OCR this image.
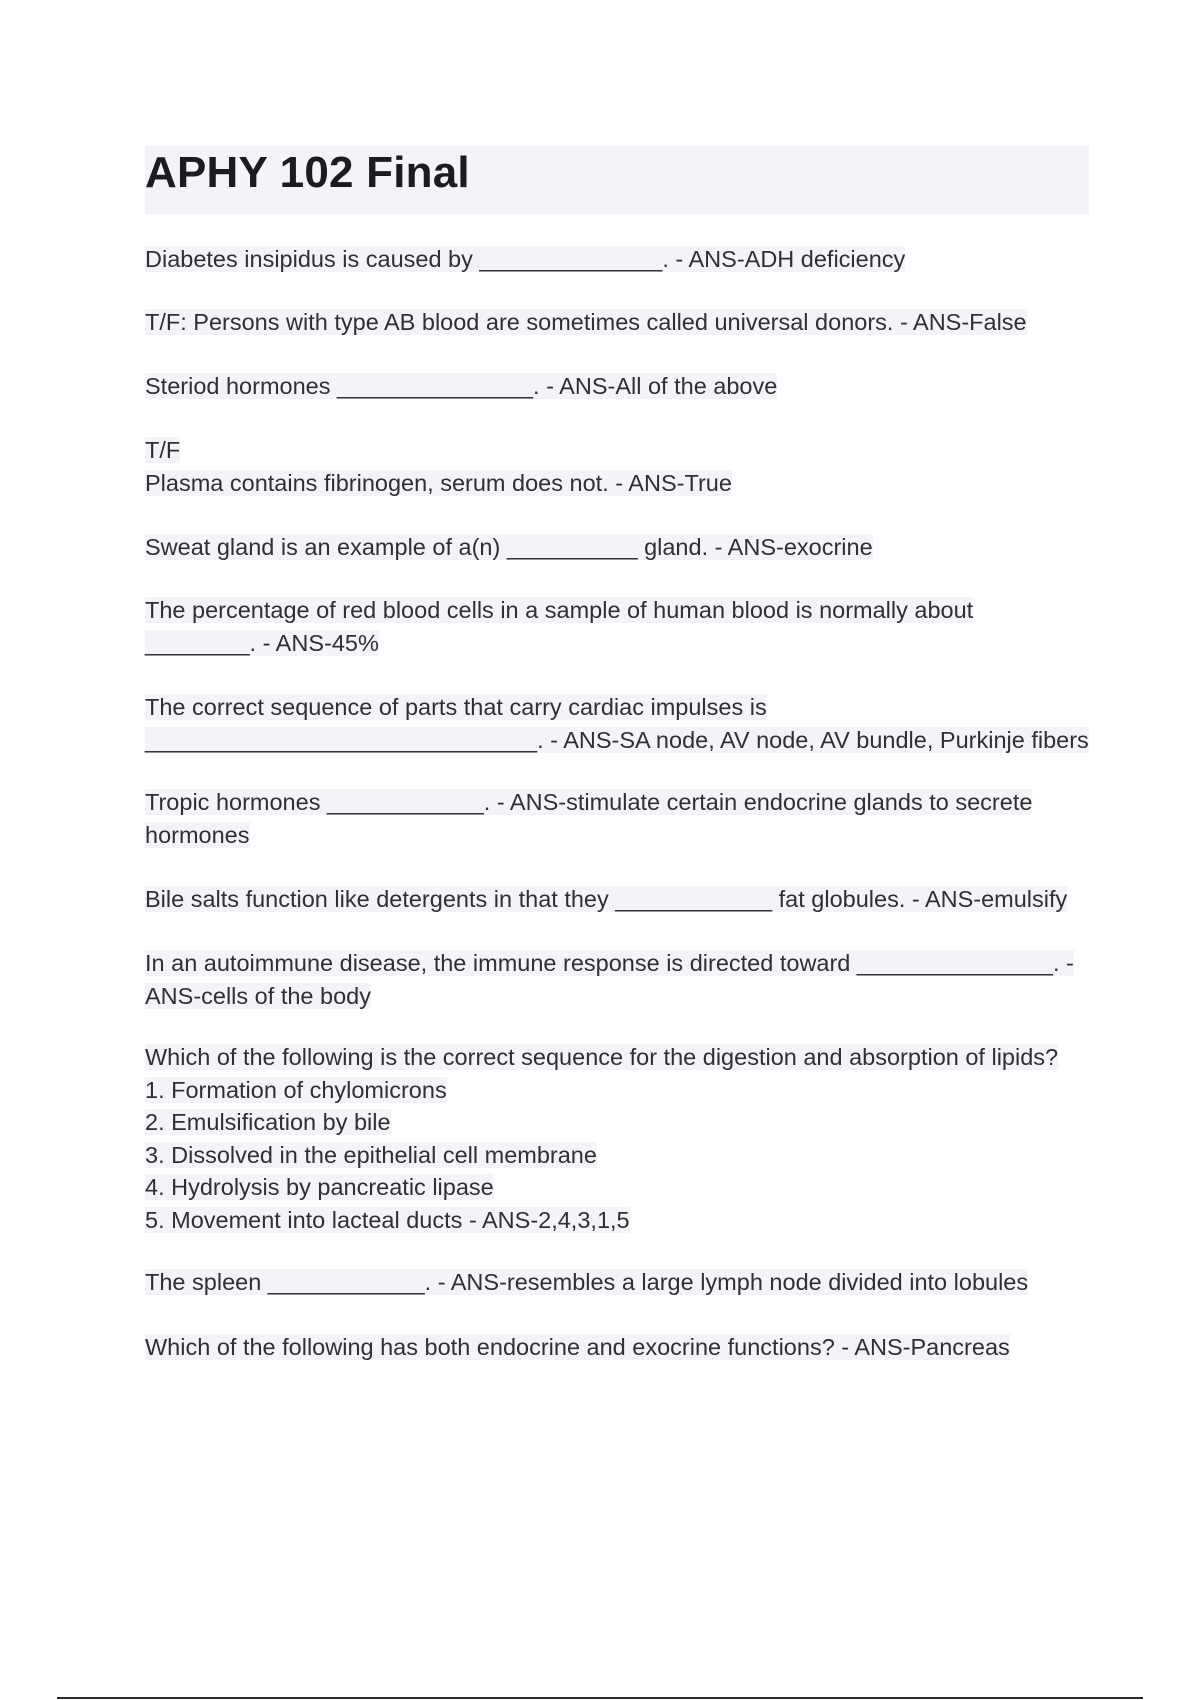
APHY 102 Final

Diabetes insipidus is caused by ______________. - ANS-ADH deficiency

T/F: Persons with type AB blood are sometimes called universal donors. - ANS-False

Steriod hormones _______________. - ANS-All of the above

T/F
Plasma contains fibrinogen, serum does not. - ANS-True

Sweat gland is an example of a(n) __________ gland. - ANS-exocrine

The percentage of red blood cells in a sample of human blood is normally about
________. - ANS-45%

The correct sequence of parts that carry cardiac impulses is
______________________________. - ANS-SA node, AV node, AV bundle, Purkinje fibers

Tropic hormones ____________. - ANS-stimulate certain endocrine glands to secrete
hormones

Bile salts function like detergents in that they ____________ fat globules. - ANS-emulsify

In an autoimmune disease, the immune response is directed toward _______________. -
ANS-cells of the body

Which of the following is the correct sequence for the digestion and absorption of lipids?
1. Formation of chylomicrons
2. Emulsification by bile
3. Dissolved in the epithelial cell membrane
4. Hydrolysis by pancreatic lipase
5. Movement into lacteal ducts - ANS-2,4,3,1,5

The spleen ____________. - ANS-resembles a large lymph node divided into lobules

Which of the following has both endocrine and exocrine functions? - ANS-Pancreas
